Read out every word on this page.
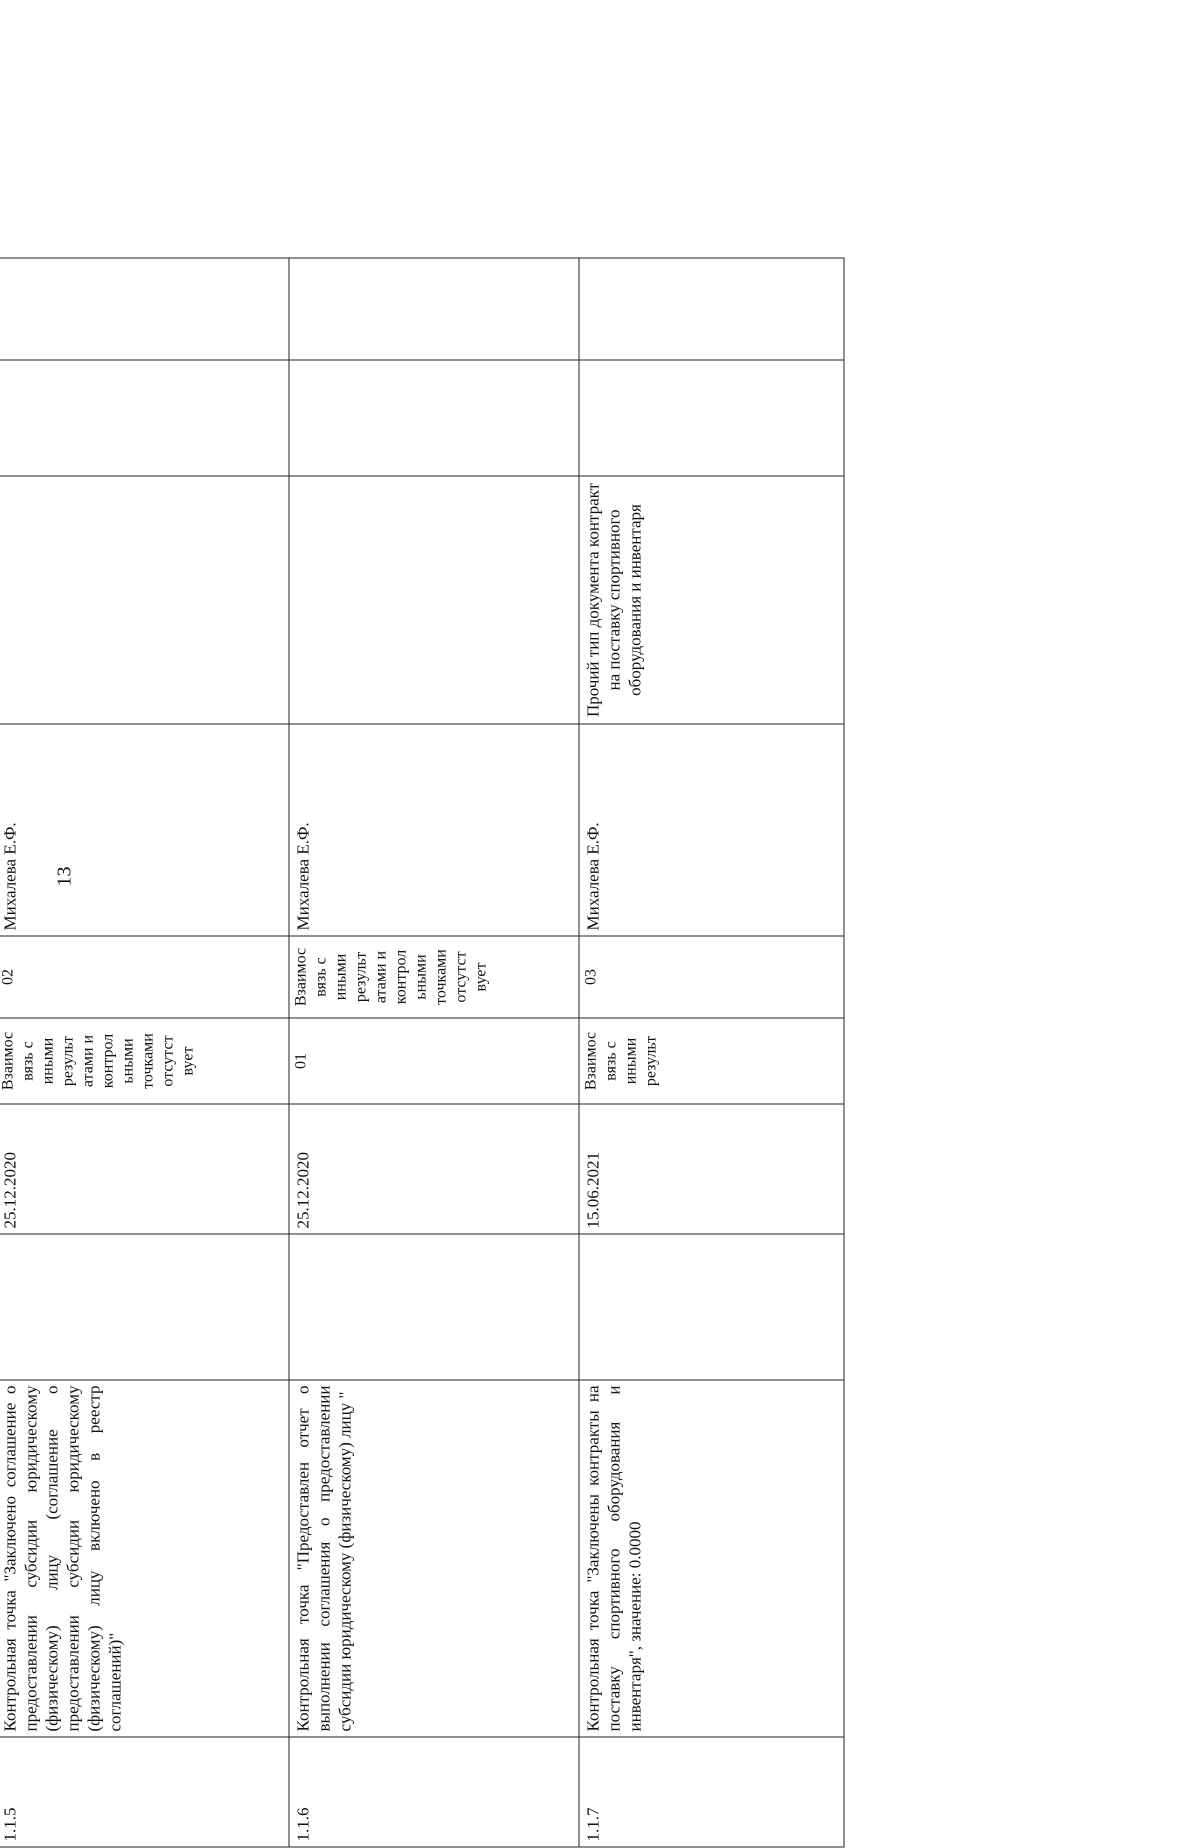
13

1.1.5	Контрольная точка "Заключено соглашение о предоставлении субсидии юридическому (физическому) лицу (соглашение о предоставлении субсидии юридическому (физическому) лицу включено в реестр соглашений)"		25.12.2020	Взаимос вязь с иными результ атами и контрол ьными точками отсутст вует	02	Михалева Е.Ф.			
1.1.6	Контрольная точка "Предоставлен отчет о выполнении соглашения о предоставлении субсидии юридическому (физическому) лицу "		25.12.2020	01	Взаимос вязь с иными результ атами и контрол ьными точками отсутст вует	Михалева Е.Ф.			
1.1.7	Контрольная точка "Заключены контракты на поставку спортивного оборудования и инвентаря", значение: 0.0000		15.06.2021	Взаимос вязь с иными результ	03	Михалева Е.Ф.	Прочий тип документа контракт на поставку спортивного оборудования и инвентаря		
